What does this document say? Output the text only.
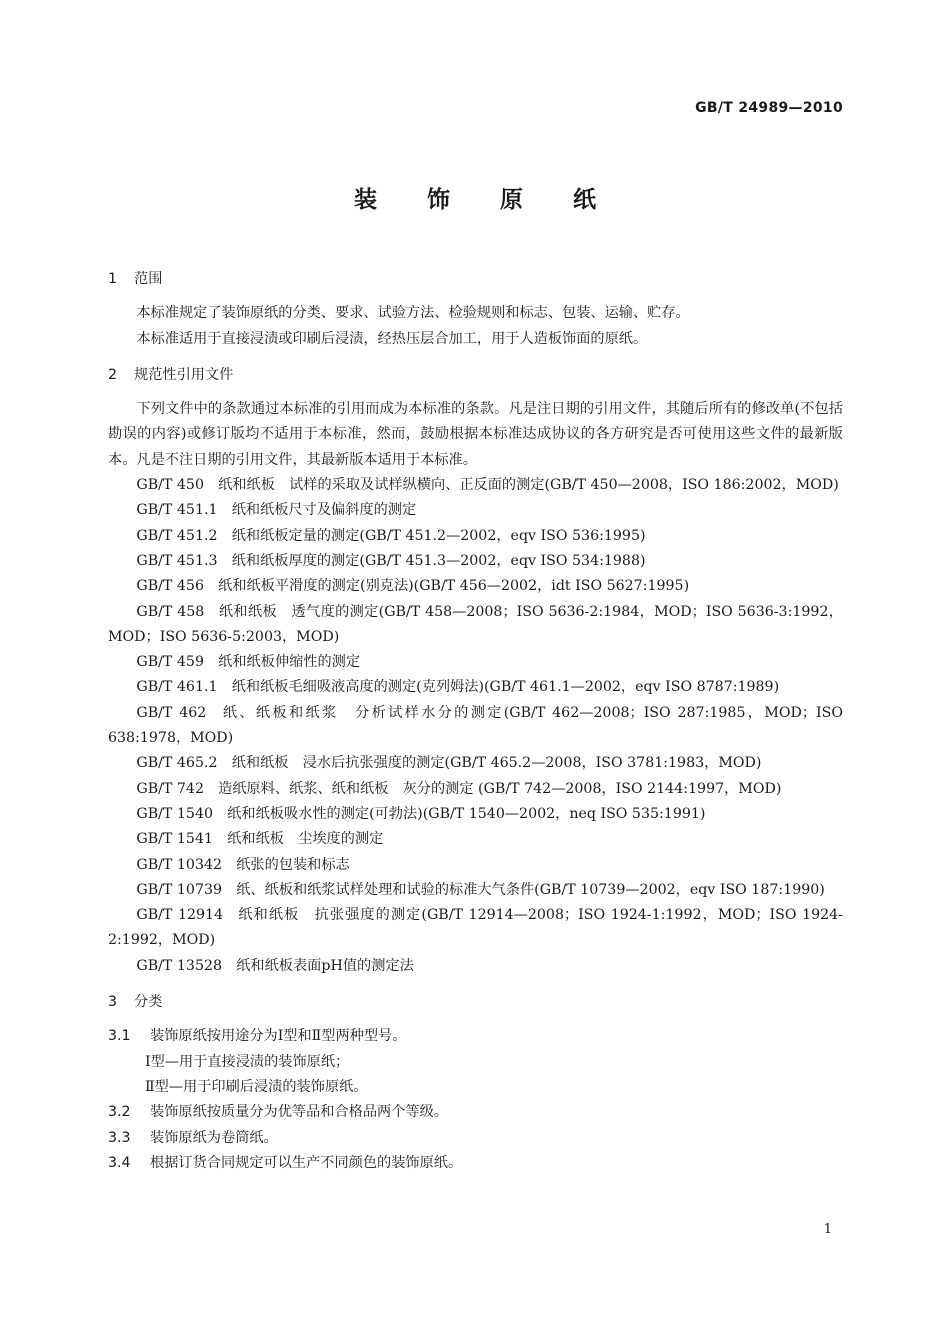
GB/T 24989—2010
装饰原纸
1 范围

本标准规定了装饰原纸的分类、要求、试验方法、检验规则和标志、包装、运输、贮存。

本标准适用于直接浸渍或印刷后浸渍，经热压层合加工，用于人造板饰面的原纸。

2 规范性引用文件

下列文件中的条款通过本标准的引用而成为本标准的条款。凡是注日期的引用文件，其随后所有的修改单(不包括勘误的内容)或修订版均不适用于本标准，然而，鼓励根据本标准达成协议的各方研究是否可使用这些文件的最新版本。凡是不注日期的引用文件，其最新版本适用于本标准。

GB/T 450 纸和纸板　试样的采取及试样纵横向、正反面的测定(GB/T 450—2008，ISO 186:2002，MOD)
GB/T 451.1 纸和纸板尺寸及偏斜度的测定
GB/T 451.2 纸和纸板定量的测定(GB/T 451.2—2002，eqv ISO 536:1995)
GB/T 451.3 纸和纸板厚度的测定(GB/T 451.3—2002，eqv ISO 534:1988)
GB/T 456 纸和纸板平滑度的测定(别克法)(GB/T 456—2002，idt ISO 5627:1995)
GB/T 458 纸和纸板　透气度的测定(GB/T 458—2008；ISO 5636-2:1984，MOD；ISO 5636-3:1992，MOD；ISO 5636-5:2003，MOD)
GB/T 459 纸和纸板伸缩性的测定
GB/T 461.1 纸和纸板毛细吸液高度的测定(克列姆法)(GB/T 461.1—2002，eqv ISO 8787:1989)
GB/T 462 纸、纸板和纸浆　分析试样水分的测定(GB/T 462—2008；ISO 287:1985，MOD；ISO 638:1978，MOD)
GB/T 465.2 纸和纸板　浸水后抗张强度的测定(GB/T 465.2—2008，ISO 3781:1983，MOD)
GB/T 742 造纸原料、纸浆、纸和纸板　灰分的测定 (GB/T 742—2008，ISO 2144:1997，MOD)
GB/T 1540 纸和纸板吸水性的测定(可勃法)(GB/T 1540—2002，neq ISO 535:1991)
GB/T 1541 纸和纸板　尘埃度的测定
GB/T 10342 纸张的包装和标志
GB/T 10739 纸、纸板和纸浆试样处理和试验的标准大气条件(GB/T 10739—2002，eqv ISO 187:1990)
GB/T 12914 纸和纸板　抗张强度的测定(GB/T 12914—2008；ISO 1924-1:1992，MOD；ISO 1924-2:1992，MOD)
GB/T 13528 纸和纸板表面pH值的测定法
3 分类
3.1 装饰原纸按用途分为Ⅰ型和Ⅱ型两种型号。
Ⅰ型—用于直接浸渍的装饰原纸；
Ⅱ型—用于印刷后浸渍的装饰原纸。
3.2 装饰原纸按质量分为优等品和合格品两个等级。
3.3 装饰原纸为卷筒纸。
3.4 根据订货合同规定可以生产不同颜色的装饰原纸。
1
